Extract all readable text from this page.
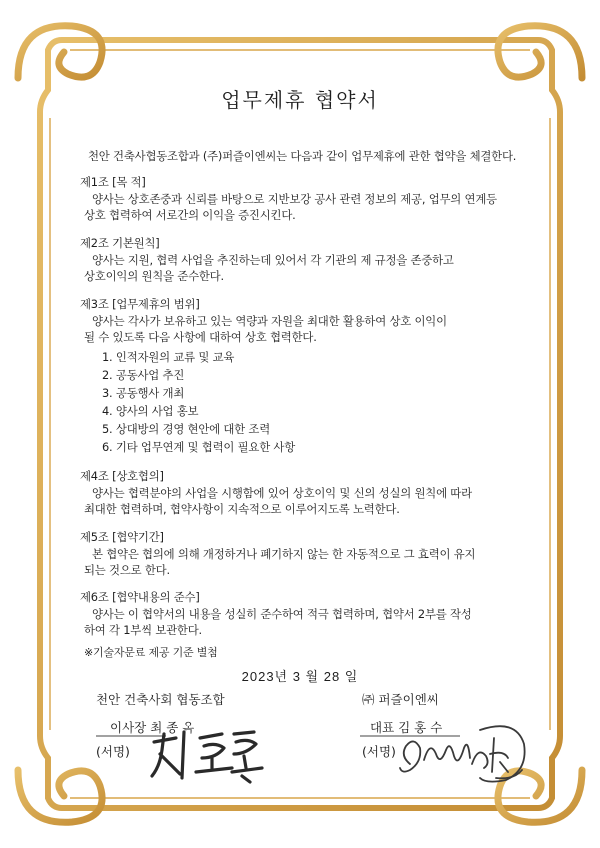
업무제휴 협약서
천안 건축사협동조합과 (주)퍼즐이엔씨는 다음과 같이 업무제휴에 관한 협약을 체결한다.
제1조 [목 적]
양사는 상호존중과 신뢰를 바탕으로 지반보강 공사 관련 정보의 제공, 업무의 연계등
상호 협력하여 서로간의 이익을 증진시킨다.
제2조 기본원칙]
양사는 지원, 협력 사업을 추진하는데 있어서 각 기관의 제 규정을 존중하고
상호이익의 원칙을 준수한다.
제3조 [업무제휴의 범위]
양사는 각사가 보유하고 있는 역량과 자원을 최대한 활용하여 상호 이익이
될 수 있도록 다음 사항에 대하여 상호 협력한다.
1. 인적자원의 교류 및 교육
2. 공동사업 추진
3. 공동행사 개최
4. 양사의 사업 홍보
5. 상대방의 경영 현안에 대한 조력
6. 기타 업무연계 및 협력이 필요한 사항
제4조 [상호협의]
양사는 협력분야의 사업을 시행함에 있어 상호이익 및 신의 성실의 원칙에 따라
최대한 협력하며, 협약사항이 지속적으로 이루어지도록 노력한다.
제5조 [협약기간]
본 협약은 협의에 의해 개정하거나 폐기하지 않는 한 자동적으로 그 효력이 유지
되는 것으로 한다.
제6조 [협약내용의 준수]
양사는 이 협약서의 내용을 성실히 준수하여 적극 협력하며, 협약서 2부를 작성
하여 각 1부씩 보관한다.
※기술자문료 제공 기준 별첨
2023년 3 월 28 일
천안 건축사회 협동조합
이사장 최 종 옥
(서명)
㈜ 퍼즐이엔씨
대표 김 홍 수
(서명)
